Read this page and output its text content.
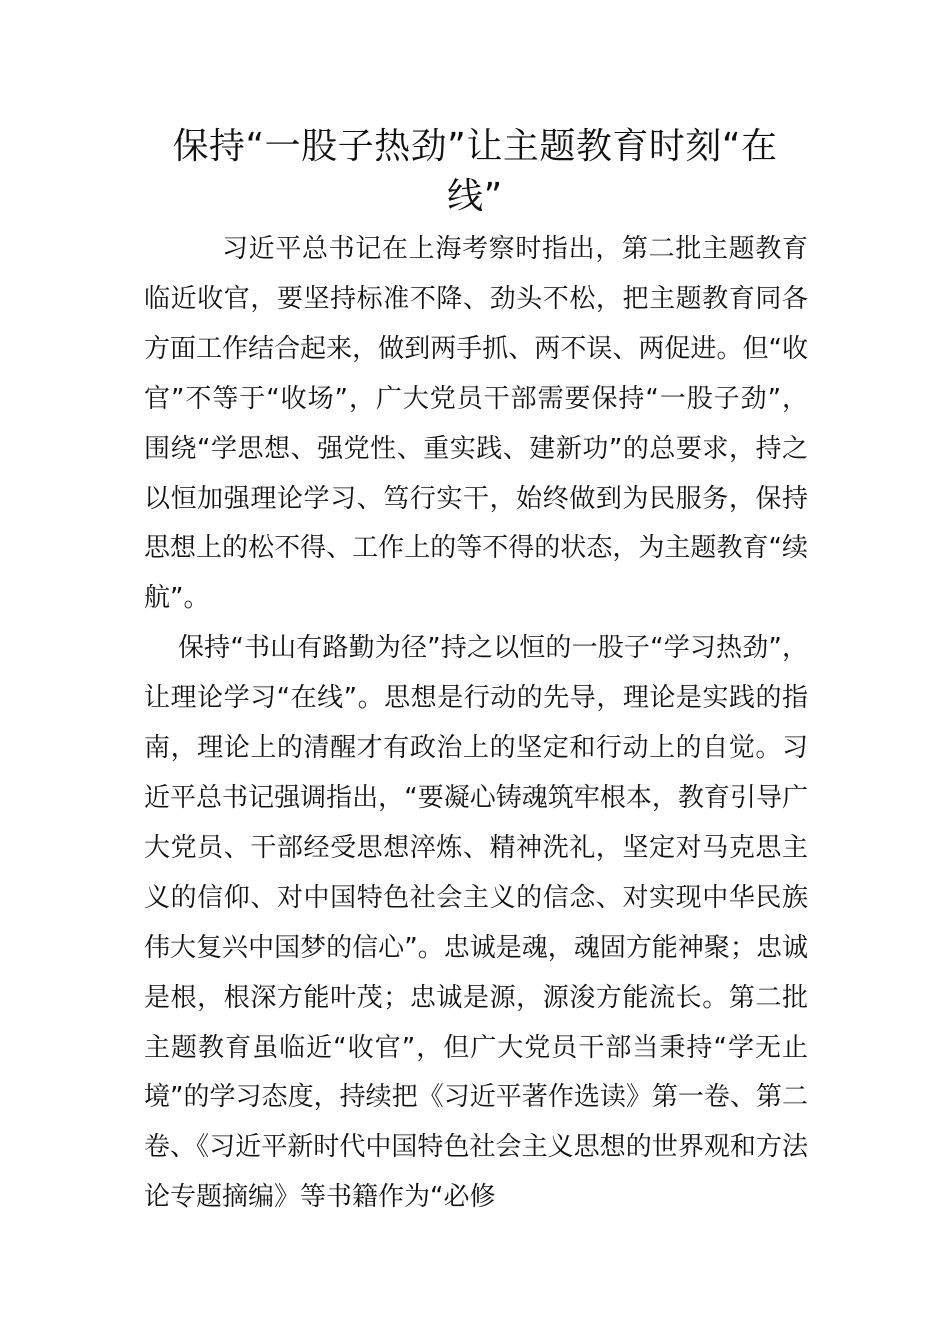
保持“一股子热劲”让主题教育时刻“在
线”

习近平总书记在上海考察时指出，第二批主题教育临近收官，要坚持标准不降、劲头不松，把主题教育同各方面工作结合起来，做到两手抓、两不误、两促进。但“收官”不等于“收场”，广大党员干部需要保持“一股子劲”，围绕“学思想、强党性、重实践、建新功”的总要求，持之以恒加强理论学习、笃行实干，始终做到为民服务，保持思想上的松不得、工作上的等不得的状态，为主题教育“续航”。

保持“书山有路勤为径”持之以恒的一股子“学习热劲”，让理论学习“在线”。思想是行动的先导，理论是实践的指南，理论上的清醒才有政治上的坚定和行动上的自觉。习近平总书记强调指出，“要凝心铸魂筑牢根本，教育引导广大党员、干部经受思想淬炼、精神洗礼，坚定对马克思主义的信仰、对中国特色社会主义的信念、对实现中华民族伟大复兴中国梦的信心”。忠诚是魂，魂固方能神聚；忠诚是根，根深方能叶茂；忠诚是源，源浚方能流长。第二批主题教育虽临近“收官”，但广大党员干部当秉持“学无止境”的学习态度，持续把《习近平著作选读》第一卷、第二卷、《习近平新时代中国特色社会主义思想的世界观和方法论专题摘编》等书籍作为“必修
